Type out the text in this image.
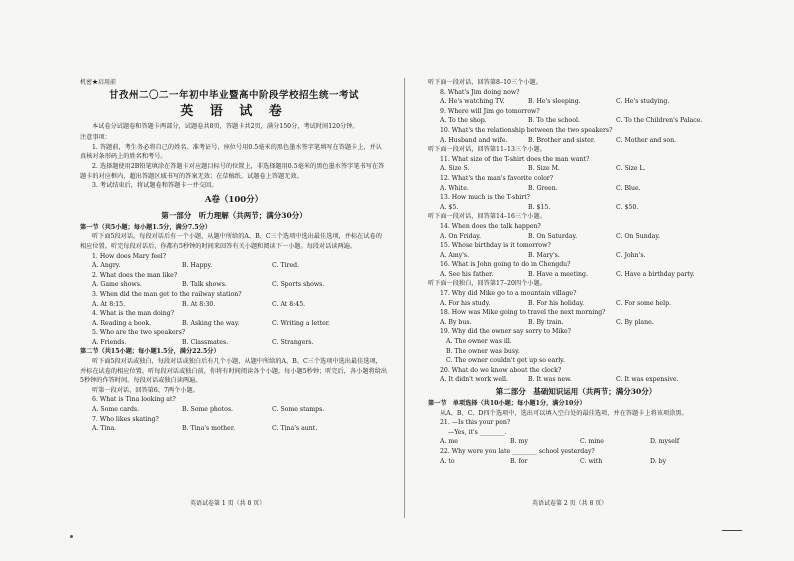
机密★启用前

甘孜州二〇二一年初中毕业暨高中阶段学校招生统一考试

英 语 试 卷

本试卷分试题卷和答题卡两部分，试题卷共8页，答题卡共2页，满分150分，考试时间120分钟。

注意事项：

1. 答题前，考生务必将自己的姓名、准考证号、座位号用0.5毫米的黑色墨水签字笔填写在答题卡上，并认真核对条形码上的姓名和考号。

2. 选择题使用2B铅笔填涂在答题卡对应题目标号的位置上，非选择题用0.5毫米的黑色墨水签字笔书写在答题卡的对应框内，超出答题区域书写的答案无效；在草稿纸、试题卷上答题无效。

3. 考试结束后，将试题卷和答题卡一并交回。

A卷（100分）

第一部分　听力理解（共两节；满分30分）

第一节（共5小题；每小题1.5分，满分7.5分）

听下面5段对话，每段对话后有一个小题，从题中所给的A、B、C三个选项中选出最佳选项，并标在试卷的相应位置。听完每段对话后，你都有5秒钟的时间来回答有关小题和阅读下一小题。每段对话读两遍。

1. How does Mary feel?

A. Angry.	B. Happy.	C. Tired.

2. What does the man like?

A. Game shows.	B. Talk shows.	C. Sports shows.

3. When did the man get to the railway station?

A. At 8:15.	B. At 8:30.	C. At 8:45.

4. What is the man doing?

A. Reading a book.	B. Asking the way.	C. Writing a letter.

5. Who are the two speakers?

A. Friends.	B. Classmates.	C. Strangers.

第二节（共15小题；每小题1.5分，满分22.5分）

听下面5段对话或独白，每段对话或独白后有几个小题，从题中所给的A、B、C三个选项中选出最佳选项，并标在试卷的相应位置。听每段对话或独白前，你将有时间阅读各个小题，每小题5秒钟；听完后，各小题将给出5秒钟的作答时间。每段对话或独白读两遍。

听第一段对话，回答第6、7两个小题。

6. What is Tina looking at?

A. Some cards.	B. Some photos.	C. Some stamps.

7. Who likes skating?

A. Tina.	B. Tina's mother.	C. Tina's aunt.

听下面一段对话，回答第8–10三个小题。

8. What's Jim doing now?

A. He's watching TV.	B. He's sleeping.	C. He's studying.

9. Where will Jim go tomorrow?

A. To the shop.	B. To the school.	C. To the Children's Palace.

10. What's the relationship between the two speakers?

A. Husband and wife.	B. Brother and sister.	C. Mother and son.

听下面一段对话，回答第11–13三个小题。

11. What size of the T-shirt does the man want?

A. Size S.	B. Size M.	C. Size L.

12. What's the man's favorite color?

A. White.	B. Green.	C. Blue.

13. How much is the T-shirt?

A. $5.	B. $15.	C. $50.

听下面一段对话，回答第14–16三个小题。

14. When does the talk happen?

A. On Friday.	B. On Saturday.	C. On Sunday.

15. Whose birthday is it tomorrow?

A. Amy's.	B. Mary's.	C. John's.

16. What is John going to do in Chengdu?

A. See his father.	B. Have a meeting.	C. Have a birthday party.

听下面一段独白，回答第17–20四个小题。

17. Why did Mike go to a mountain village?

A. For his study.	B. For his holiday.	C. For some help.

18. How was Mike going to travel the next morning?

A. By bus.	B. By train.	C. By plane.

19. Why did the owner say sorry to Mike?

A. The owner was ill.

B. The owner was busy.

C. The owner couldn't get up so early.

20. What do we know about the clock?

A. It didn't work well.	B. It was new.	C. It was expensive.

第二部分　基础知识运用（共两节；满分30分）

第一节　单项选择（共10小题；每小题1分，满分10分）

从A、B、C、D四个选项中，选出可以填入空白处的最佳选项，并在答题卡上将该项涂黑。

21. —Is this your pen?

—Yes, it's ________.

A. me	B. my	C. mine	D. myself

22. Why were you late ________ school yesterday?

A. to	B. for	C. with	D. by

英语试卷第 1 页（共 8 页）	英语试卷第 2 页（共 8 页）
